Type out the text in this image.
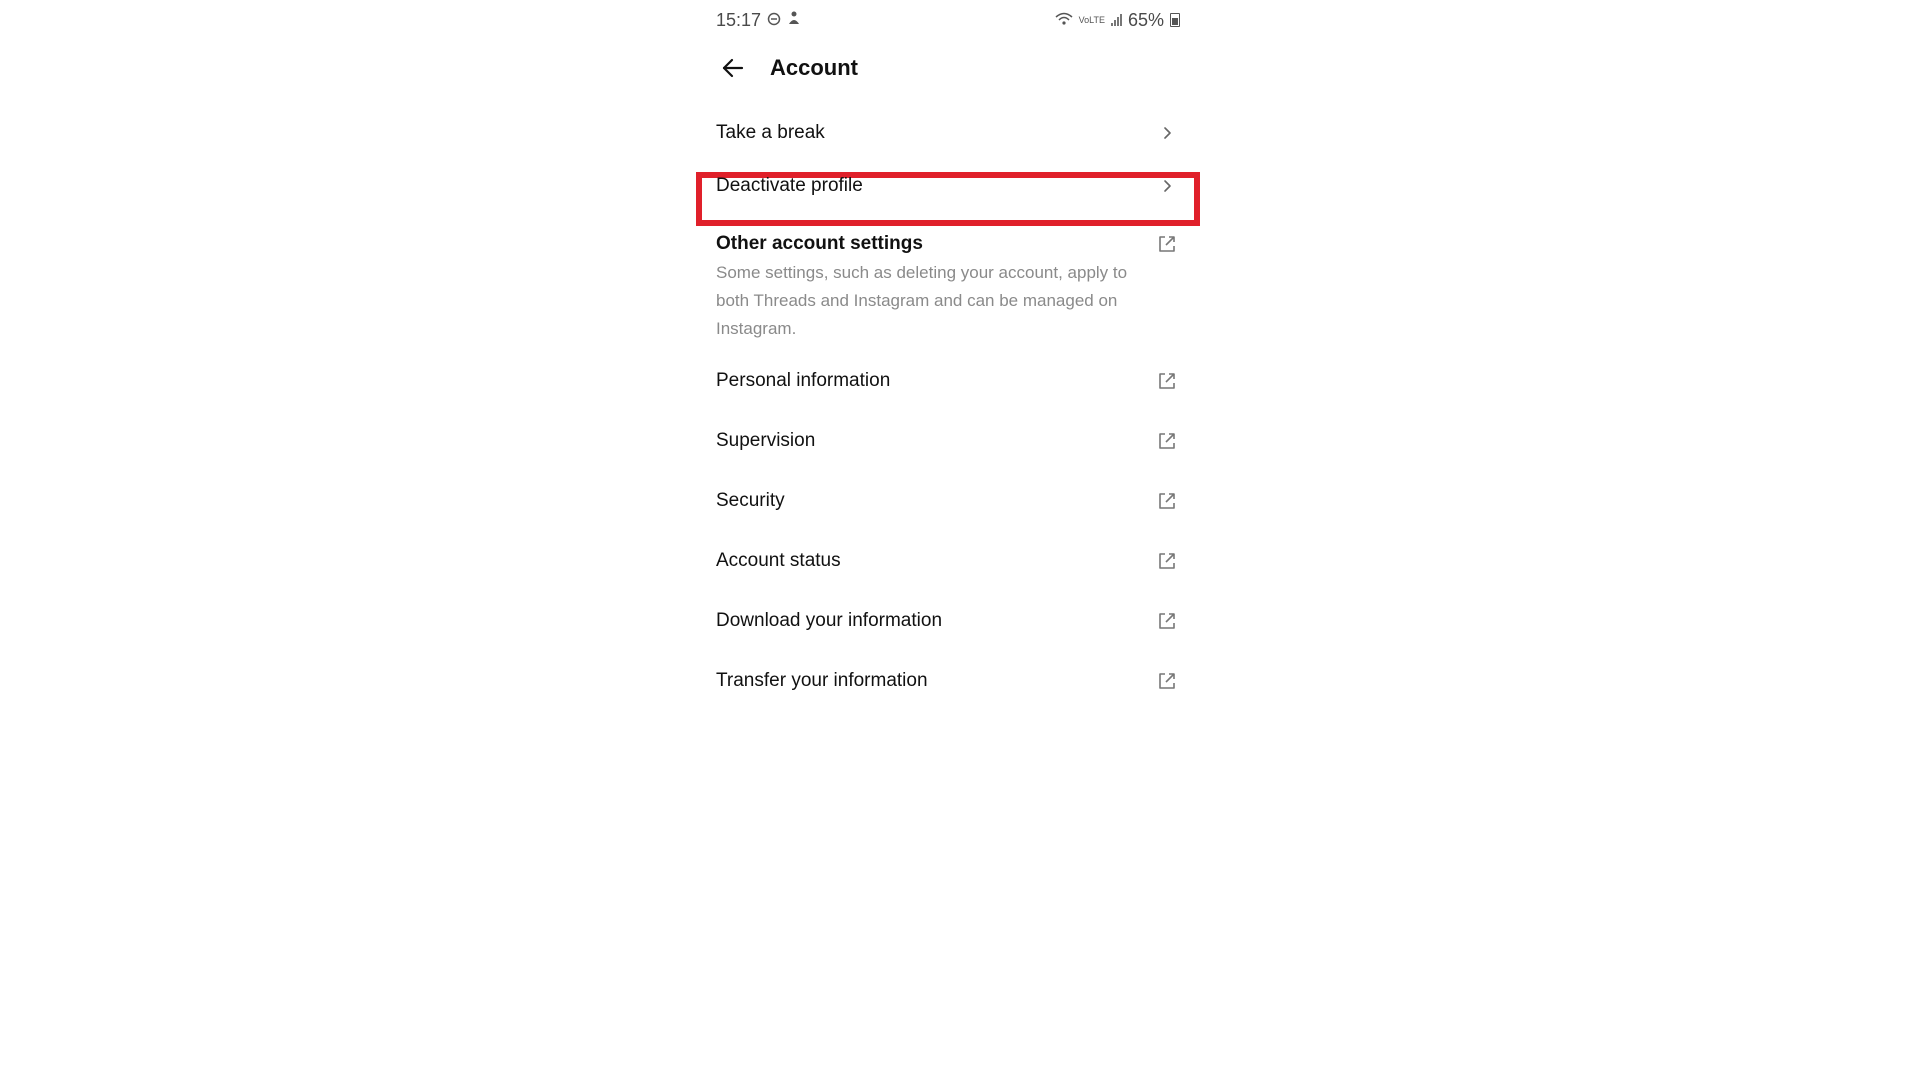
15:17	VoLTE 65%
Account
Take a break
Deactivate profile
Other account settings
Some settings, such as deleting your account, apply to both Threads and Instagram and can be managed on Instagram.
Personal information
Supervision
Security
Account status
Download your information
Transfer your information
